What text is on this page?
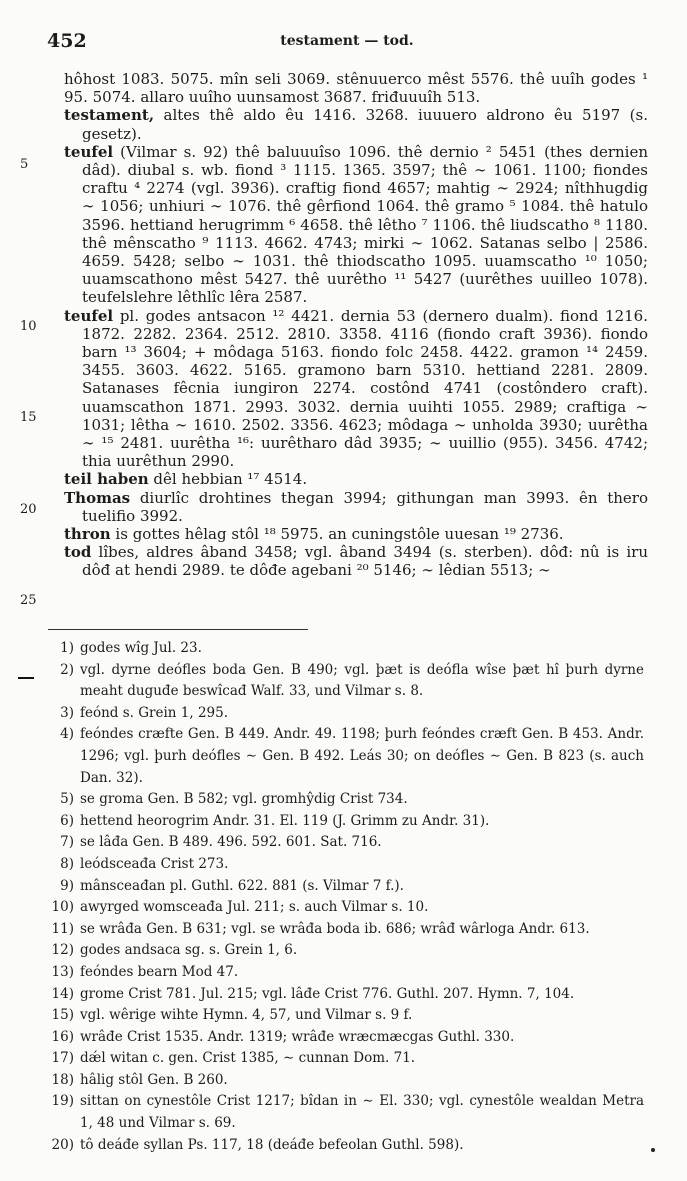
452	testament — tod.
5
10
15
20
25

hôhost 1083. 5075. mîn seli 3069. stênuuerco mêst 5576. thê uuîh godes ¹ 95. 5074. allaro uuîho uunsamost 3687. friđuuuîh 513.

testament, altes thê aldo êu 1416. 3268. iuuuero aldrono êu 5197 (s. gesetz).

teufel (Vilmar s. 92) thê baluuuîso 1096. thê dernio ² 5451 (thes dernien dâd). diubal s. wb. fiond ³ 1115. 1365. 3597; thê ∼ 1061. 1100; fiondes craftu ⁴ 2274 (vgl. 3936). craftig fiond 4657; mahtig ∼ 2924; nîthhugdig ∼ 1056; unhiuri ∼ 1076. thê gêrfiond 1064. thê gramo ⁵ 1084. thê hatulo 3596. hettiand herugrimm ⁶ 4658. thê lêtho ⁷ 1106. thê liudscatho ⁸ 1180. thê mênscatho ⁹ 1113. 4662. 4743; mirki ∼ 1062. Satanas selbo | 2586. 4659. 5428; selbo ∼ 1031. thê thiodscatho 1095. uuamscatho ¹⁰ 1050; uuamscathono mêst 5427. thê uurêtho ¹¹ 5427 (uurêthes uuilleo 1078). teufelslehre lêthlîc lêra 2587.

teufel pl. godes antsacon ¹² 4421. dernia 53 (dernero dualm). fiond 1216. 1872. 2282. 2364. 2512. 2810. 3358. 4116 (fiondo craft 3936). fiondo barn ¹³ 3604; + môdaga 5163. fiondo folc 2458. 4422. gramon ¹⁴ 2459. 3455. 3603. 4622. 5165. gramono barn 5310. hettiand 2281. 2809. Satanases fêcnia iungiron 2274. costônd 4741 (costôndero craft). uuamscathon 1871. 2993. 3032. dernia uuihti 1055. 2989; craftiga ∼ 1031; lêtha ∼ 1610. 2502. 3356. 4623; môdaga ∼ unholda 3930; uurêtha ∼ ¹⁵ 2481. uurêtha ¹⁶: uurêtharo dâd 3935; ∼ uuillio (955). 3456. 4742; thia uurêthun 2990.

teil haben dêl hebbian ¹⁷ 4514.

Thomas diurlîc drohtines thegan 3994; githungan man 3993. ên thero tuelifio 3992.

thron is gottes hêlag stôl ¹⁸ 5975. an cuningstôle uuesan ¹⁹ 2736.

tod lîbes, aldres âband 3458; vgl. âband 3494 (s. sterben). dôđ: nû is iru dôđ at hendi 2989. te dôđe agebani ²⁰ 5146; ∼ lêdian 5513; ∼

1) godes wîg Jul. 23.

2) vgl. dyrne deófles boda Gen. B 490; vgl. þæt is deófla wîse þæt hî þurh dyrne meaht duguđe beswîcađ Walf. 33, und Vilmar s. 8.

3) feónd s. Grein 1, 295.

4) feóndes cræfte Gen. B 449. Andr. 49. 1198; þurh feóndes cræft Gen. B 453. Andr. 1296; vgl. þurh deófles ∼ Gen. B 492. Leás 30; on deófles ∼ Gen. B 823 (s. auch Dan. 32).

5) se groma Gen. B 582; vgl. gromhŷdig Crist 734.

6) hettend heorogrim Andr. 31. El. 119 (J. Grimm zu Andr. 31).

7) se lâđa Gen. B 489. 496. 592. 601. Sat. 716.

8) leódsceađa Crist 273.

9) mânsceađan pl. Guthl. 622. 881 (s. Vilmar 7 f.).

10) awyrged womsceađa Jul. 211; s. auch Vilmar s. 10.

11) se wrâđa Gen. B 631; vgl. se wrâđa boda ib. 686; wrâđ wârloga Andr. 613.

12) godes andsaca sg. s. Grein 1, 6.

13) feóndes bearn Mod 47.

14) grome Crist 781. Jul. 215; vgl. lâđe Crist 776. Guthl. 207. Hymn. 7, 104.

15) vgl. wêrige wihte Hymn. 4, 57, und Vilmar s. 9 f.

16) wrâđe Crist 1535. Andr. 1319; wrâđe wræcmæcgas Guthl. 330.

17) dǽl witan c. gen. Crist 1385, ∼ cunnan Dom. 71.

18) hâlig stôl Gen. B 260.

19) sittan on cynestôle Crist 1217; bîdan in ∼ El. 330; vgl. cynestôle wealdan Metra 1, 48 und Vilmar s. 69.

20) tô deáđe syllan Ps. 117, 18 (deáđe befeolan Guthl. 598).
